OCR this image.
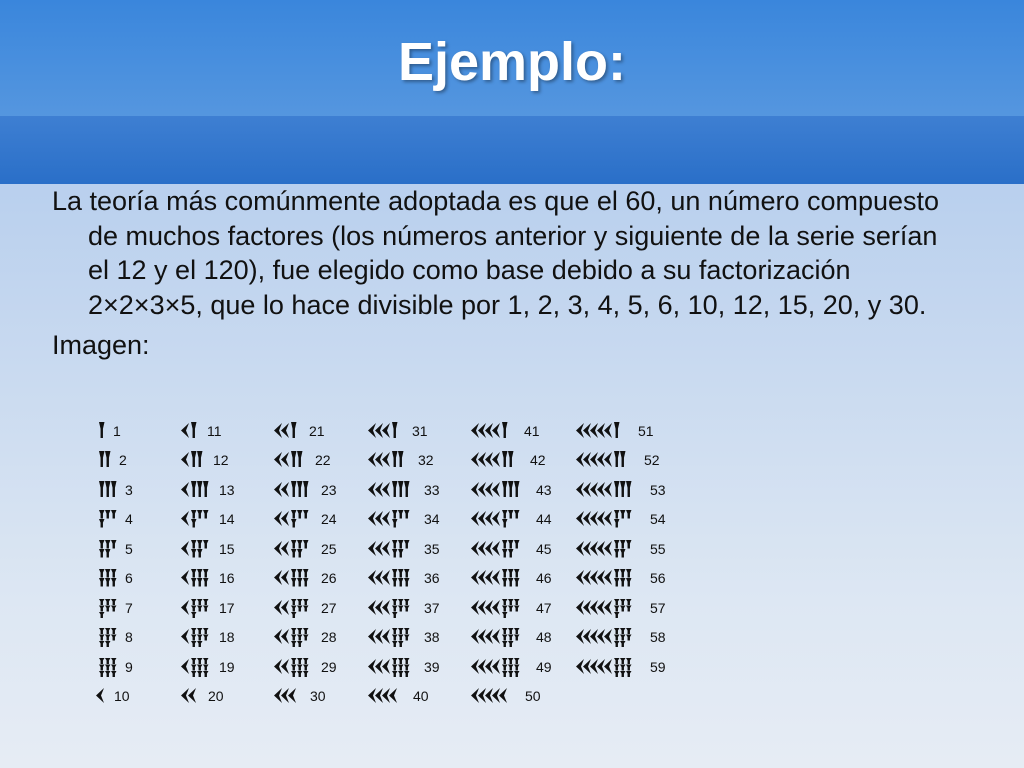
Ejemplo:

La teoría más comúnmente adoptada es que el 60, un número compuesto de muchos factores (los números anterior y siguiente de la serie serían el 12 y el 120), fue elegido como base debido a su factorización 2×2×3×5, que lo hace divisible por 1, 2, 3, 4, 5, 6, 10, 12, 15, 20, y 30.

Imagen:

1
2
3
4
5
6
7
8
9
10
11
12
13
14
15
16
17
18
19
20
21
22
23
24
25
26
27
28
29
30
31
32
33
34
35
36
37
38
39
40
41
42
43
44
45
46
47
48
49
50
51
52
53
54
55
56
57
58
59
